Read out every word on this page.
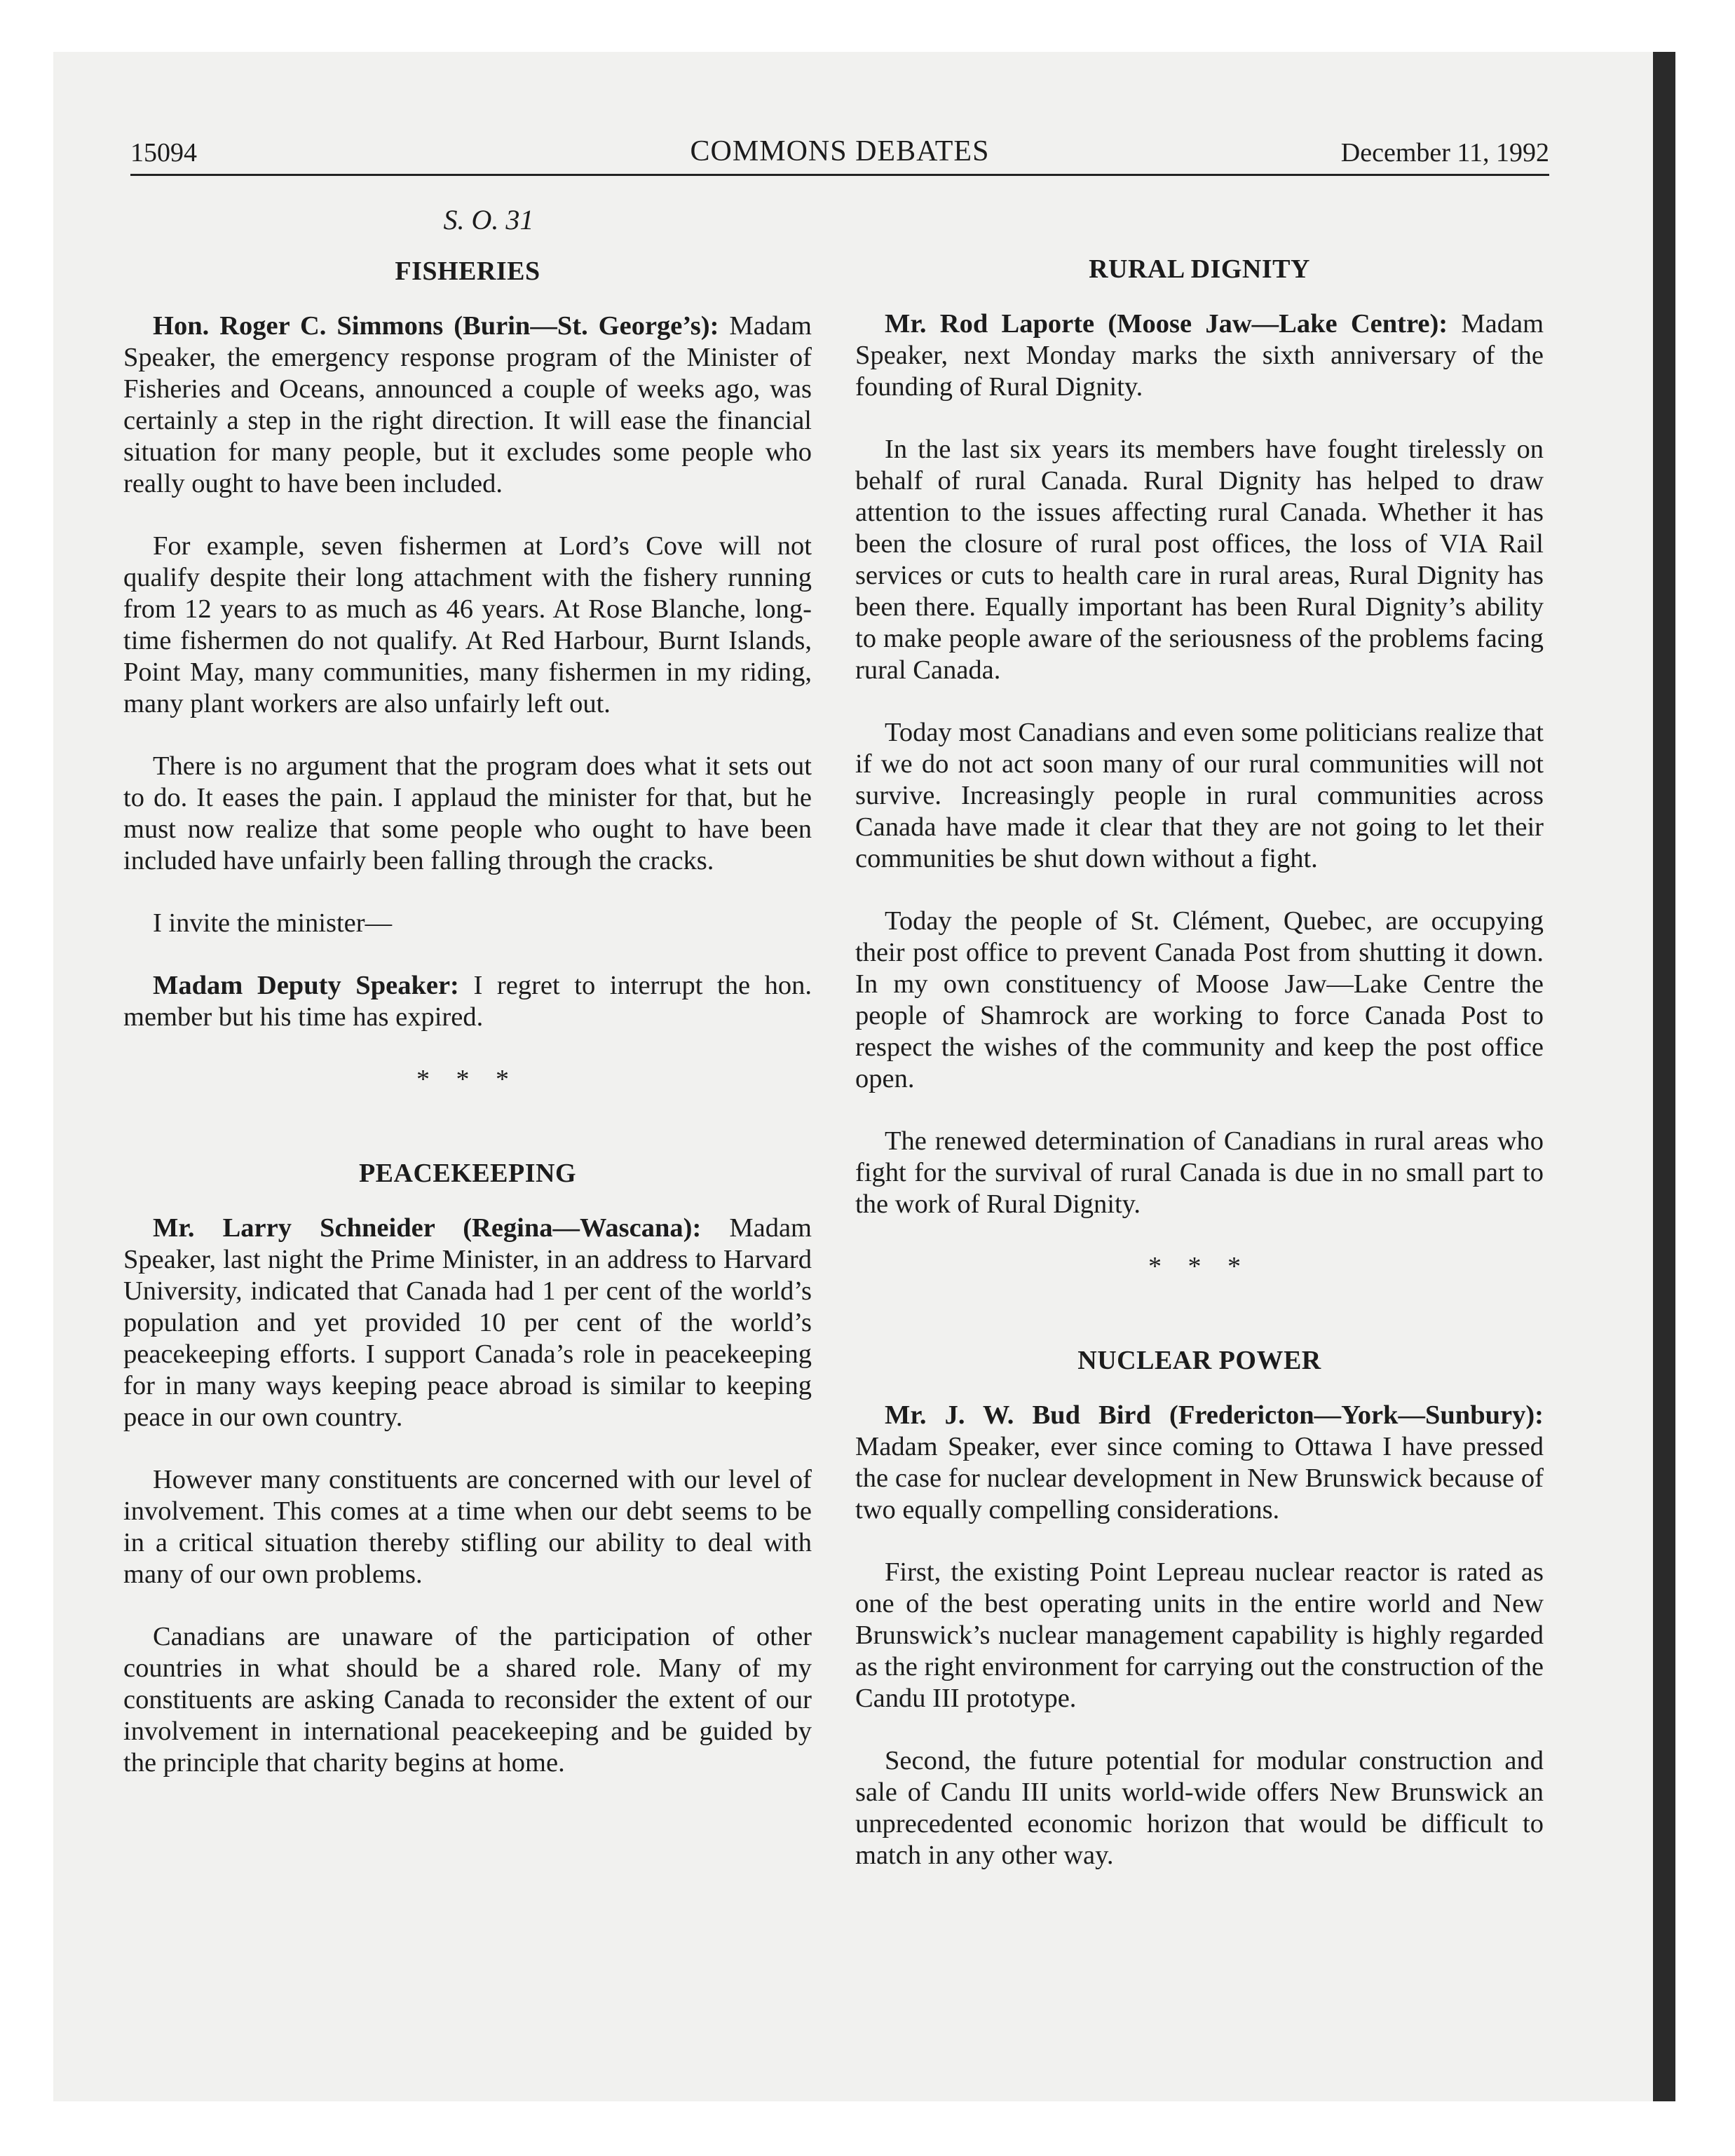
15094	COMMONS DEBATES	December 11, 1992
S. O. 31
FISHERIES

Hon. Roger C. Simmons (Burin—St. George’s): Madam Speaker, the emergency response program of the Minister of Fisheries and Oceans, announced a couple of weeks ago, was certainly a step in the right direction. It will ease the financial situation for many people, but it excludes some people who really ought to have been included.

For example, seven fishermen at Lord’s Cove will not qualify despite their long attachment with the fishery running from 12 years to as much as 46 years. At Rose Blanche, long-time fishermen do not qualify. At Red Harbour, Burnt Islands, Point May, many communities, many fishermen in my riding, many plant workers are also unfairly left out.

There is no argument that the program does what it sets out to do. It eases the pain. I applaud the minister for that, but he must now realize that some people who ought to have been included have unfairly been falling through the cracks.

I invite the minister—

Madam Deputy Speaker: I regret to interrupt the hon. member but his time has expired.

* * *
PEACEKEEPING

Mr. Larry Schneider (Regina—Wascana): Madam Speaker, last night the Prime Minister, in an address to Harvard University, indicated that Canada had 1 per cent of the world’s population and yet provided 10 per cent of the world’s peacekeeping efforts. I support Canada’s role in peacekeeping for in many ways keeping peace abroad is similar to keeping peace in our own country.

However many constituents are concerned with our level of involvement. This comes at a time when our debt seems to be in a critical situation thereby stifling our ability to deal with many of our own problems.

Canadians are unaware of the participation of other countries in what should be a shared role. Many of my constituents are asking Canada to reconsider the extent of our involvement in international peacekeeping and be guided by the principle that charity begins at home.

RURAL DIGNITY

Mr. Rod Laporte (Moose Jaw—Lake Centre): Madam Speaker, next Monday marks the sixth anniversary of the founding of Rural Dignity.

In the last six years its members have fought tirelessly on behalf of rural Canada. Rural Dignity has helped to draw attention to the issues affecting rural Canada. Whether it has been the closure of rural post offices, the loss of VIA Rail services or cuts to health care in rural areas, Rural Dignity has been there. Equally important has been Rural Dignity’s ability to make people aware of the seriousness of the problems facing rural Canada.

Today most Canadians and even some politicians realize that if we do not act soon many of our rural communities will not survive. Increasingly people in rural communities across Canada have made it clear that they are not going to let their communities be shut down without a fight.

Today the people of St. Clément, Quebec, are occupying their post office to prevent Canada Post from shutting it down. In my own constituency of Moose Jaw—Lake Centre the people of Shamrock are working to force Canada Post to respect the wishes of the community and keep the post office open.

The renewed determination of Canadians in rural areas who fight for the survival of rural Canada is due in no small part to the work of Rural Dignity.

* * *
NUCLEAR POWER

Mr. J. W. Bud Bird (Fredericton—York—Sunbury): Madam Speaker, ever since coming to Ottawa I have pressed the case for nuclear development in New Brunswick because of two equally compelling considerations.

First, the existing Point Lepreau nuclear reactor is rated as one of the best operating units in the entire world and New Brunswick’s nuclear management capability is highly regarded as the right environment for carrying out the construction of the Candu III prototype.

Second, the future potential for modular construction and sale of Candu III units world-wide offers New Brunswick an unprecedented economic horizon that would be difficult to match in any other way.
